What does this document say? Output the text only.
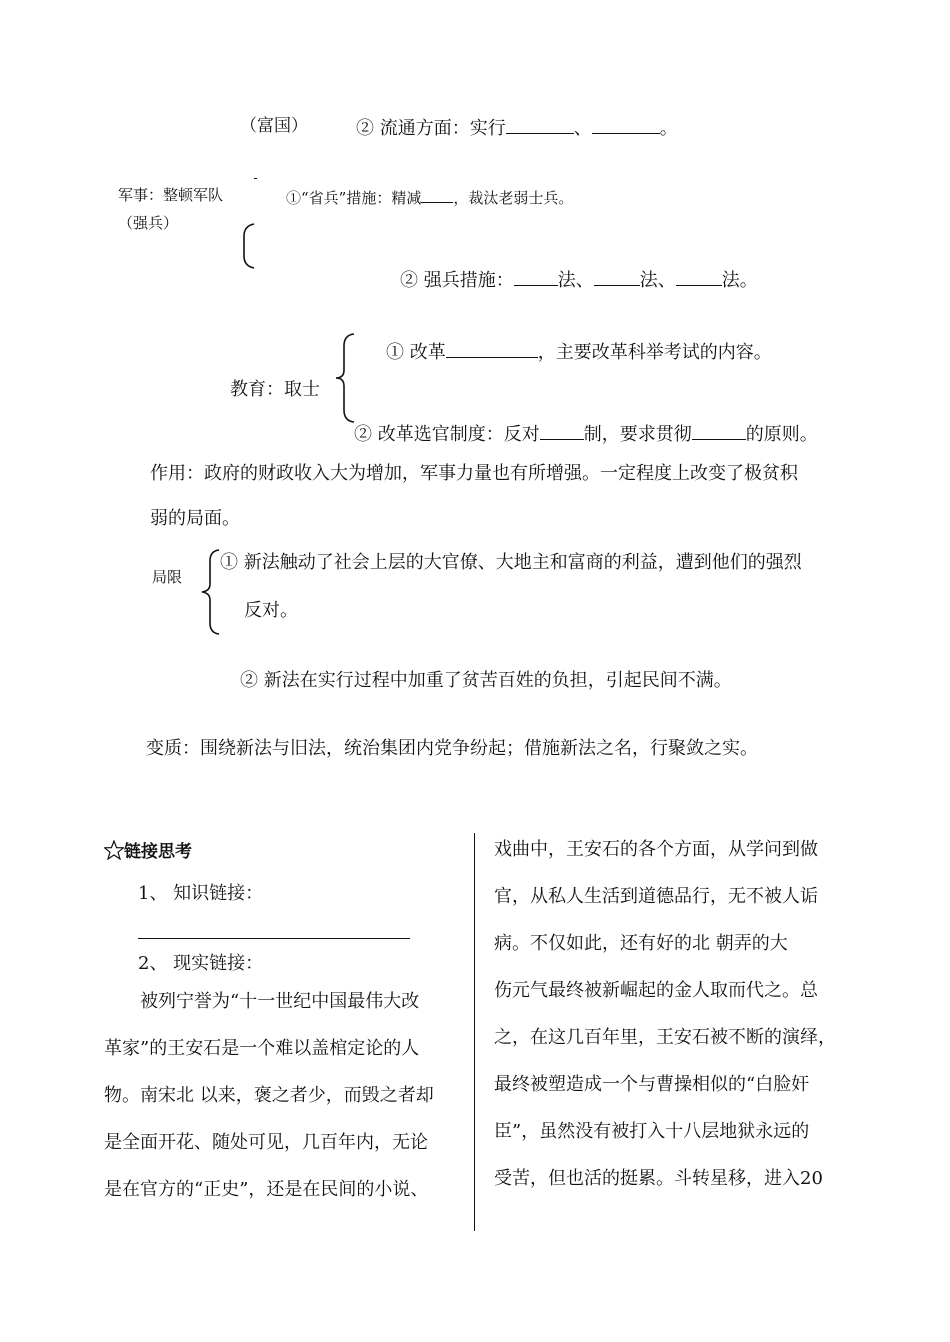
（富国）	② 流通方面：实行	、	。
军事：整顿军队
（强兵）
①“省兵”措施：精减 ，裁汰老弱士兵。
② 强兵措施： 法、	法、	法。
① 改革	，主要改革科举考试的内容。
教育：取士
② 改革选官制度：反对 制，要求贯彻	的原则。
作用：政府的财政收入大为增加，军事力量也有所增强。一定程度上改变了极贫积
弱的局面。
局限
① 新法触动了社会上层的大官僚、大地主和富商的利益，遭到他们的强烈
反对。
② 新法在实行过程中加重了贫苦百姓的负担，引起民间不满。
变质：围绕新法与旧法，统治集团内党争纷起；借施新法之名，行聚敛之实。
链接思考
1、 知识链接：
2、 现实链接：
被列宁誉为“十一世纪中国最伟大改
革家”的王安石是一个难以盖棺定论的人
物。南宋北 以来，褒之者少，而毁之者却
是全面开花、随处可见，几百年内，无论
是在官方的“正史”，还是在民间的小说、
戏曲中，王安石的各个方面，从学问到做
官，从私人生活到道德品行，无不被人诟
病。不仅如此，还有好的北 朝弄的大
伤元气最终被新崛起的金人取而代之。总
之，在这几百年里，王安石被不断的演绎，
最终被塑造成一个与曹操相似的“白脸奸
臣”，虽然没有被打入十八层地狱永远的
受苦，但也活的挺累。斗转星移，进入20
